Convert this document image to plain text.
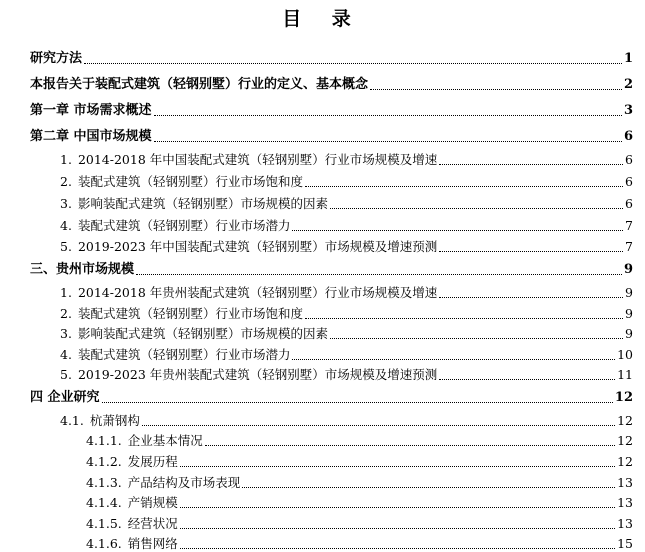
目 录
研究方法	1
本报告关于装配式建筑（轻钢别墅）行业的定义、基本概念	2
第一章 市场需求概述	3
第二章 中国市场规模	6
1. 2014-2018 年中国装配式建筑（轻钢别墅）行业市场规模及增速	6
2. 装配式建筑（轻钢别墅）行业市场饱和度	6
3. 影响装配式建筑（轻钢别墅）市场规模的因素	6
4. 装配式建筑（轻钢别墅）行业市场潜力	7
5. 2019-2023 年中国装配式建筑（轻钢别墅）市场规模及增速预测	7
三、贵州市场规模	9
1. 2014-2018 年贵州装配式建筑（轻钢别墅）行业市场规模及增速	9
2. 装配式建筑（轻钢别墅）行业市场饱和度	9
3. 影响装配式建筑（轻钢别墅）市场规模的因素	9
4. 装配式建筑（轻钢别墅）行业市场潜力	10
5. 2019-2023 年贵州装配式建筑（轻钢别墅）市场规模及增速预测	11
四 企业研究	12
4.1. 杭萧钢构	12
4.1.1. 企业基本情况	12
4.1.2. 发展历程	12
4.1.3. 产品结构及市场表现	13
4.1.4. 产销规模	13
4.1.5. 经营状况	13
4.1.6. 销售网络	15
